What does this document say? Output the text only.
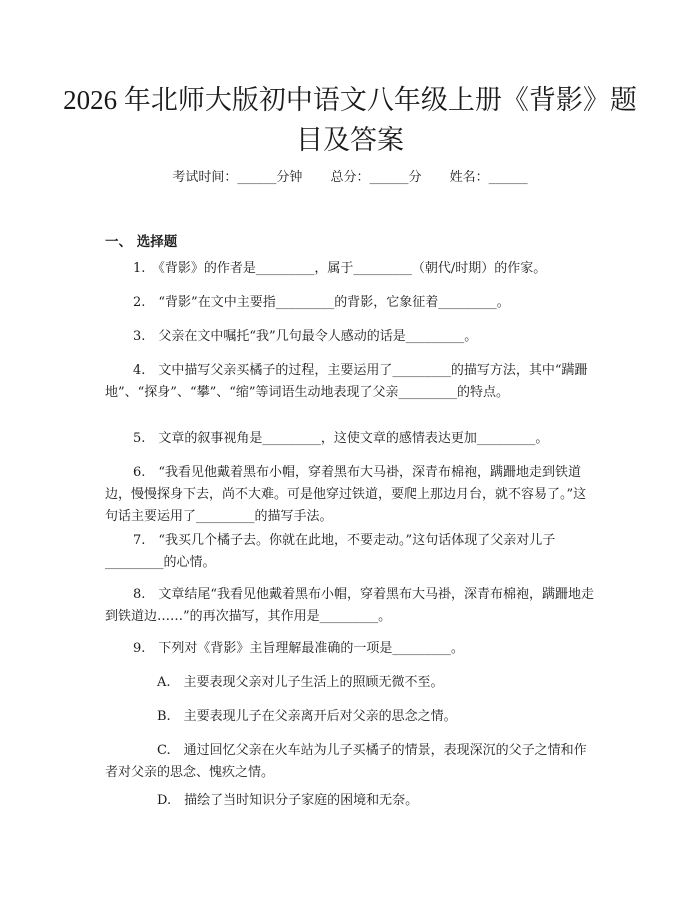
2026 年北师大版初中语文八年级上册《背影》题目及答案
考试时间：______分钟 总分：______分 姓名：______
一、 选择题
1.　《背影》的作者是_________，属于_________（朝代/时期）的作家。
2.　“背影”在文中主要指_________的背影，它象征着_________。
3.　父亲在文中嘱托“我”几句最令人感动的话是_________。
4.　文中描写父亲买橘子的过程，主要运用了_________的描写方法，其中“蹒跚地”、“探身”、“攀”、“缩”等词语生动地表现了父亲_________的特点。
5.　文章的叙事视角是_________，这使文章的感情表达更加_________。
6.　“我看见他戴着黑布小帽，穿着黑布大马褂，深青布棉袍，蹒跚地走到铁道边，慢慢探身下去，尚不大难。可是他穿过铁道，要爬上那边月台，就不容易了。”这句话主要运用了_________的描写手法。
7.　“我买几个橘子去。你就在此地，不要走动。”这句话体现了父亲对儿子_________的心情。
8.　文章结尾“我看见他戴着黑布小帽，穿着黑布大马褂，深青布棉袍，蹒跚地走到铁道边……”的再次描写，其作用是_________。
9.　下列对《背影》主旨理解最准确的一项是_________。
A.　主要表现父亲对儿子生活上的照顾无微不至。
B.　主要表现儿子在父亲离开后对父亲的思念之情。
C.　通过回忆父亲在火车站为儿子买橘子的情景，表现深沉的父子之情和作者对父亲的思念、愧疚之情。
D.　描绘了当时知识分子家庭的困境和无奈。
